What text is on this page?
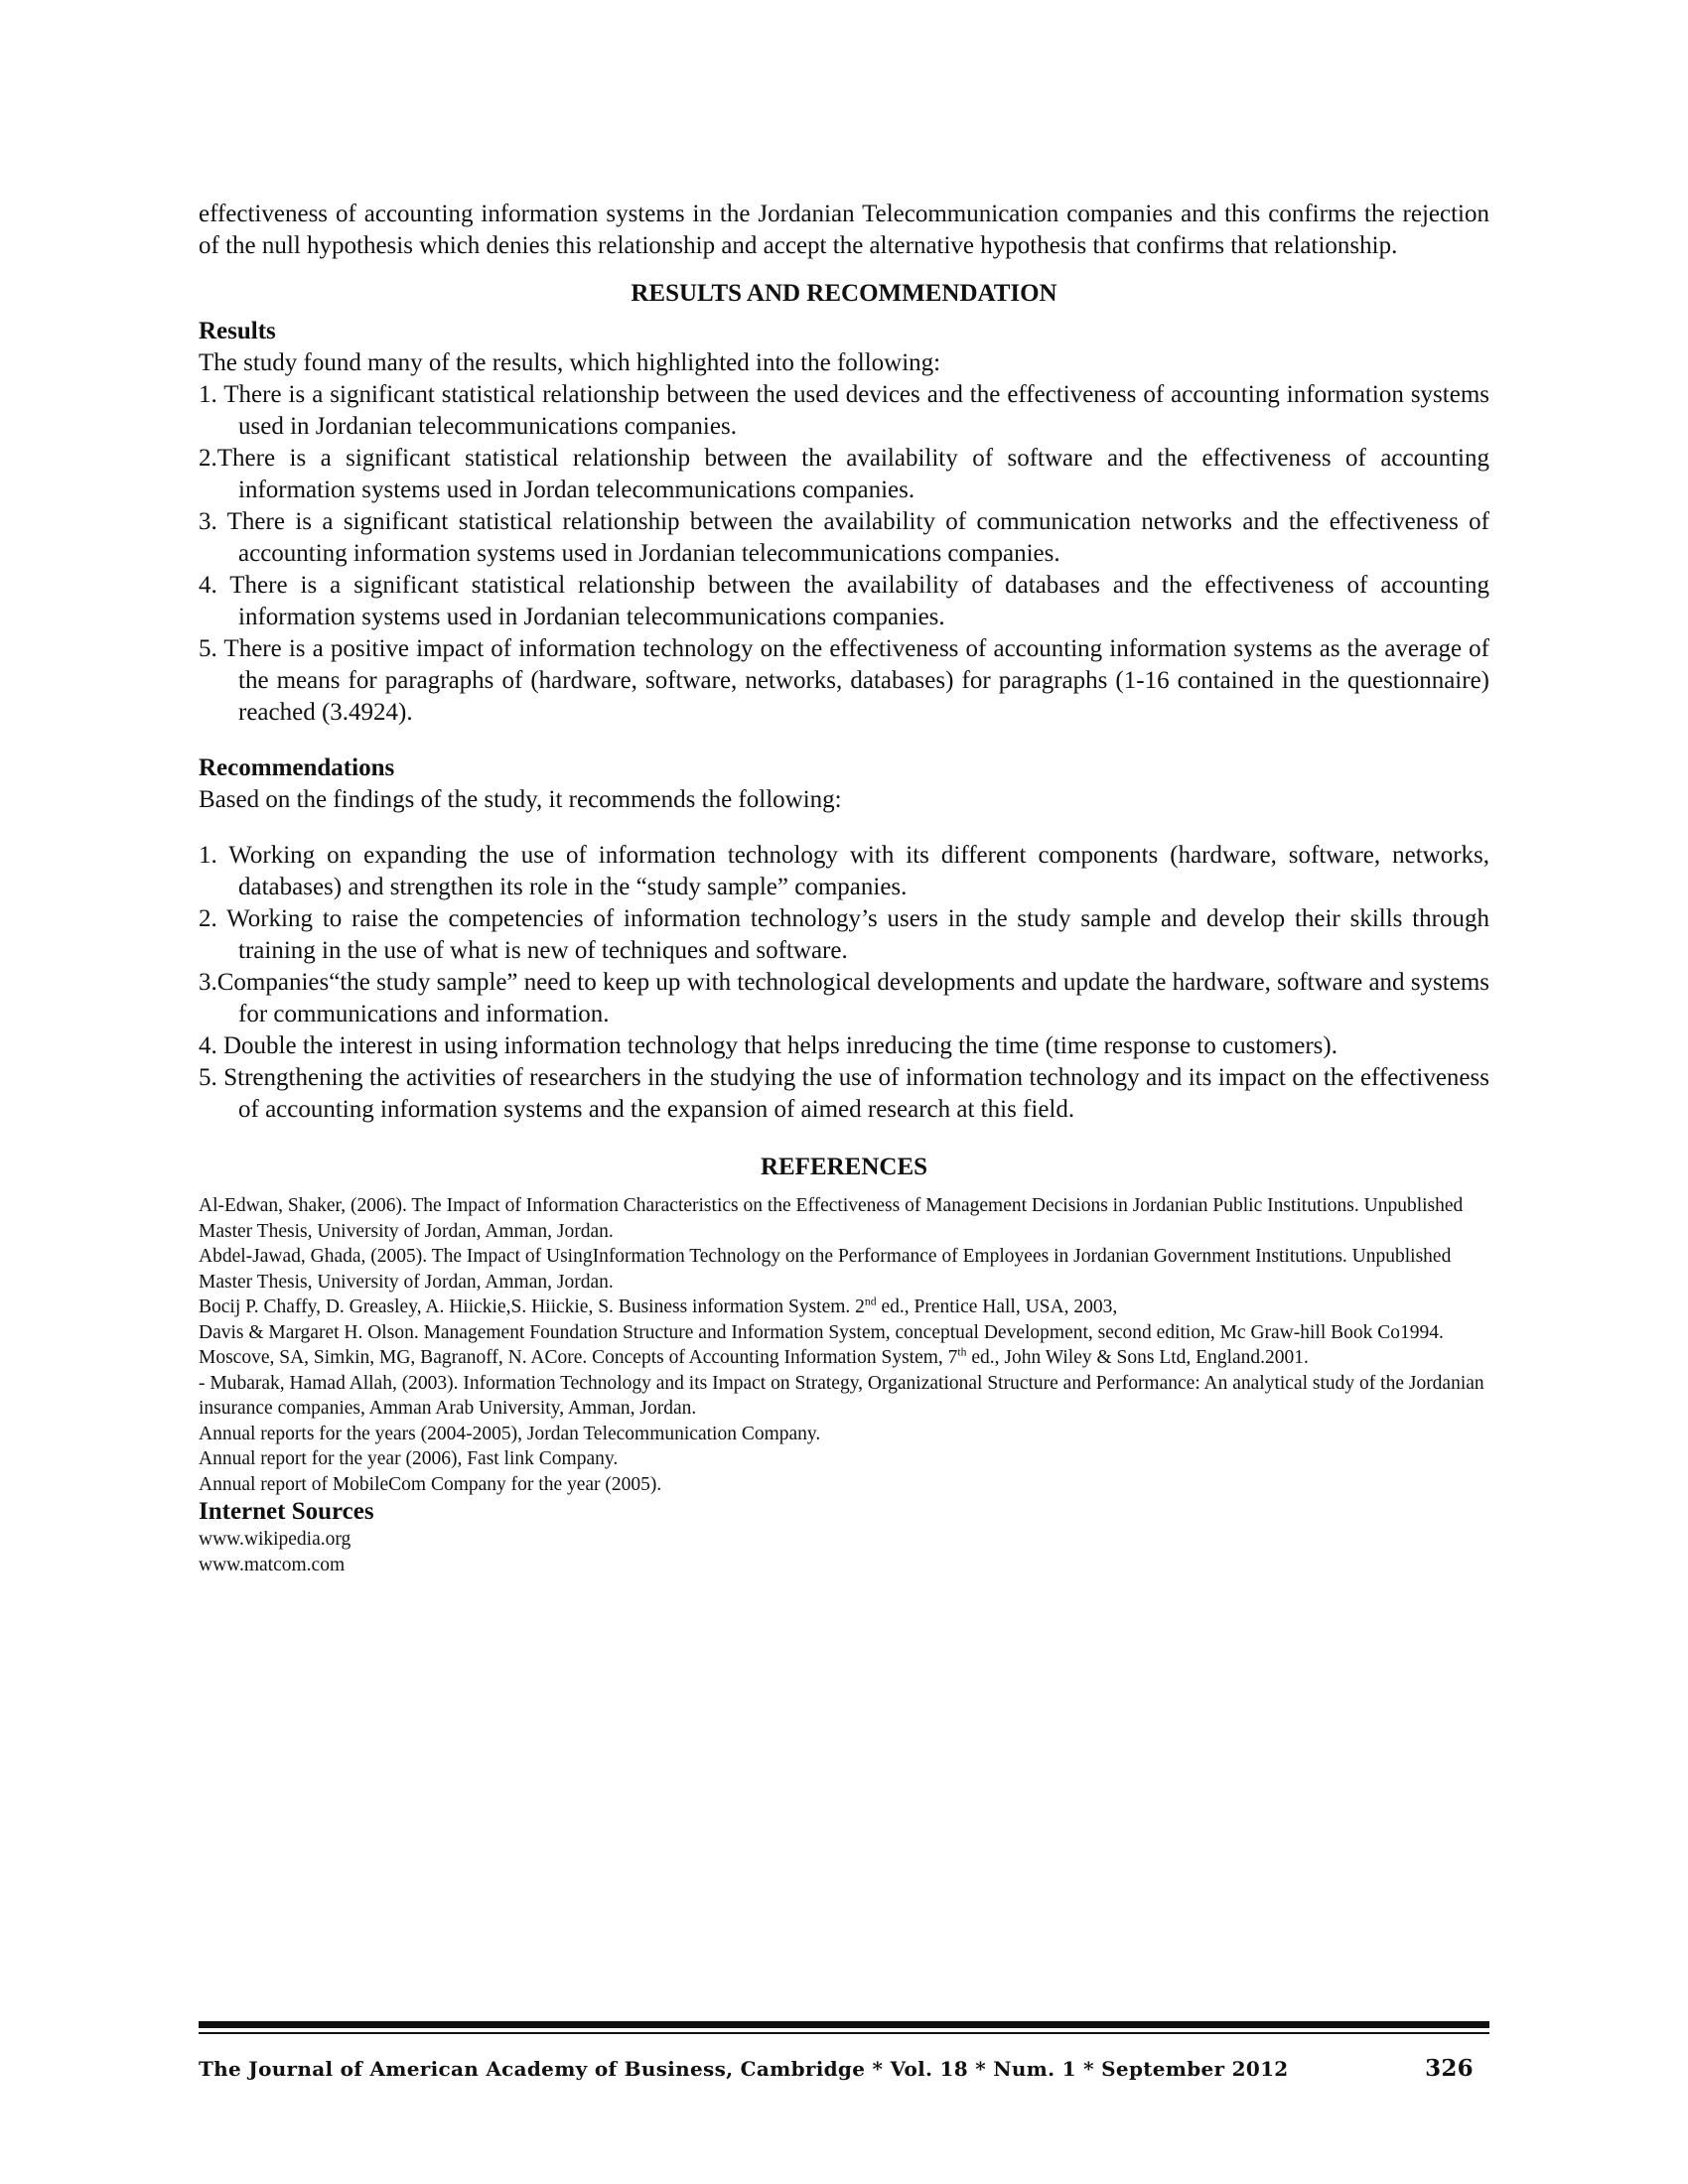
effectiveness of accounting information systems in the Jordanian Telecommunication companies and this confirms the rejection of the null hypothesis which denies this relationship and accept the alternative hypothesis that confirms that relationship.

RESULTS AND RECOMMENDATION
Results

The study found many of the results, which highlighted into the following:

1. There is a significant statistical relationship between the used devices and the effectiveness of accounting information systems used in Jordanian telecommunications companies.
2.There is a significant statistical relationship between the availability of software and the effectiveness of accounting information systems used in Jordan telecommunications companies.
3. There is a significant statistical relationship between the availability of communication networks and the effectiveness of accounting information systems used in Jordanian telecommunications companies.
4. There is a significant statistical relationship between the availability of databases and the effectiveness of accounting information systems used in Jordanian telecommunications companies.
5. There is a positive impact of information technology on the effectiveness of accounting information systems as the average of the means for paragraphs of (hardware, software, networks, databases) for paragraphs (1-16 contained in the questionnaire) reached (3.4924).
Recommendations

Based on the findings of the study, it recommends the following:

1. Working on expanding the use of information technology with its different components (hardware, software, networks, databases) and strengthen its role in the “study sample” companies.
2. Working to raise the competencies of information technology’s users in the study sample and develop their skills through training in the use of what is new of techniques and software.
3.Companies“the study sample” need to keep up with technological developments and update the hardware, software and systems for communications and information.
4. Double the interest in using information technology that helps inreducing the time (time response to customers).
5. Strengthening the activities of researchers in the studying the use of information technology and its impact on the effectiveness of accounting information systems and the expansion of aimed research at this field.
REFERENCES

Al-Edwan, Shaker, (2006). The Impact of Information Characteristics on the Effectiveness of Management Decisions in Jordanian Public Institutions. Unpublished Master Thesis, University of Jordan, Amman, Jordan.

Abdel-Jawad, Ghada, (2005). The Impact of UsingInformation Technology on the Performance of Employees in Jordanian Government Institutions. Unpublished Master Thesis, University of Jordan, Amman, Jordan.

Bocij P. Chaffy, D. Greasley, A. Hiickie,S. Hiickie, S. Business information System. 2nd ed., Prentice Hall, USA, 2003,

Davis & Margaret H. Olson. Management Foundation Structure and Information System, conceptual Development, second edition, Mc Graw-hill Book Co1994.

Moscove, SA, Simkin, MG, Bagranoff, N. ACore. Concepts of Accounting Information System, 7th ed., John Wiley & Sons Ltd, England.2001.

- Mubarak, Hamad Allah, (2003). Information Technology and its Impact on Strategy, Organizational Structure and Performance: An analytical study of the Jordanian insurance companies, Amman Arab University, Amman, Jordan.

Annual reports for the years (2004-2005), Jordan Telecommunication Company.

Annual report for the year (2006), Fast link Company.

Annual report of MobileCom Company for the year (2005).

Internet Sources

www.wikipedia.org

www.matcom.com

The Journal of American Academy of Business, Cambridge * Vol. 18 * Num. 1 * September 2012	326
